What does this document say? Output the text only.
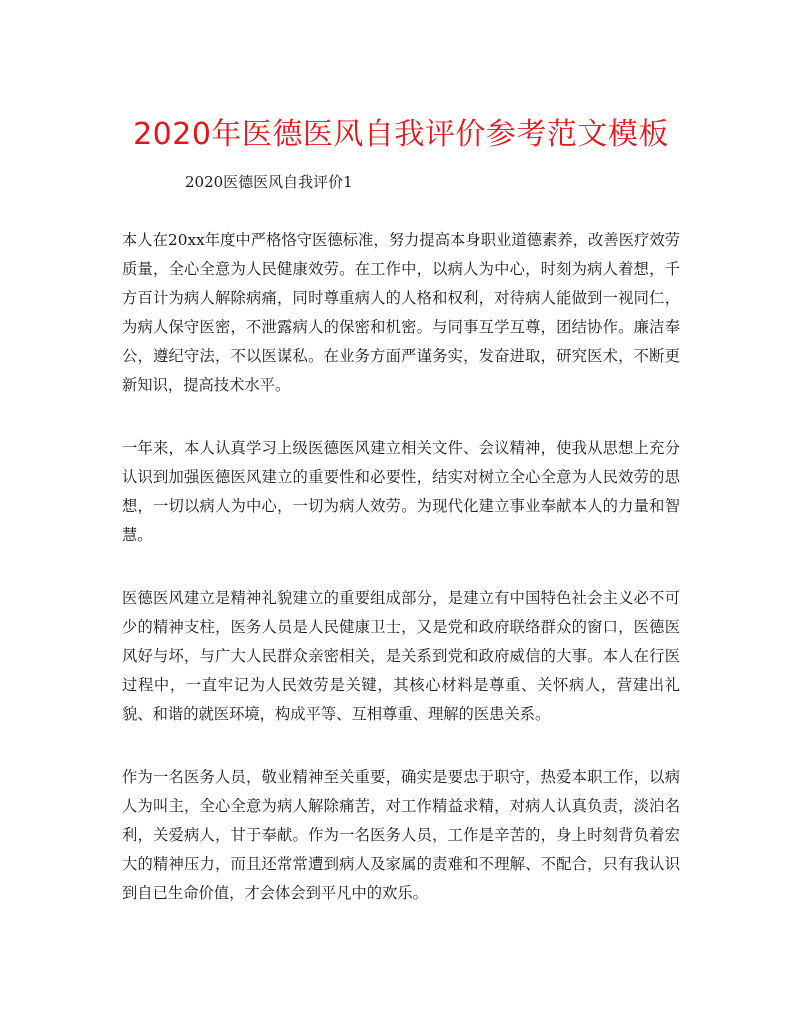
2020年医德医风自我评价参考范文模板
2020医德医风自我评价1

本人在20xx年度中严格恪守医德标准，努力提高本身职业道德素养，改善医疗效劳质量，全心全意为人民健康效劳。在工作中，以病人为中心，时刻为病人着想，千方百计为病人解除病痛，同时尊重病人的人格和权利，对待病人能做到一视同仁，为病人保守医密，不泄露病人的保密和机密。与同事互学互尊，团结协作。廉洁奉公，遵纪守法，不以医谋私。在业务方面严谨务实，发奋进取，研究医术，不断更新知识，提高技术水平。

一年来，本人认真学习上级医德医风建立相关文件、会议精神，使我从思想上充分认识到加强医德医风建立的重要性和必要性，结实对树立全心全意为人民效劳的思想，一切以病人为中心，一切为病人效劳。为现代化建立事业奉献本人的力量和智慧。

医德医风建立是精神礼貌建立的重要组成部分，是建立有中国特色社会主义必不可少的精神支柱，医务人员是人民健康卫士，又是党和政府联络群众的窗口，医德医风好与坏，与广大人民群众亲密相关，是关系到党和政府威信的大事。本人在行医过程中，一直牢记为人民效劳是关键，其核心材料是尊重、关怀病人，营建出礼貌、和谐的就医环境，构成平等、互相尊重、理解的医患关系。

作为一名医务人员，敬业精神至关重要，确实是要忠于职守，热爱本职工作，以病人为叫主，全心全意为病人解除痛苦，对工作精益求精，对病人认真负责，淡泊名利，关爱病人，甘于奉献。作为一名医务人员，工作是辛苦的，身上时刻背负着宏大的精神压力，而且还常常遭到病人及家属的责难和不理解、不配合，只有我认识到自已生命价值，才会体会到平凡中的欢乐。
